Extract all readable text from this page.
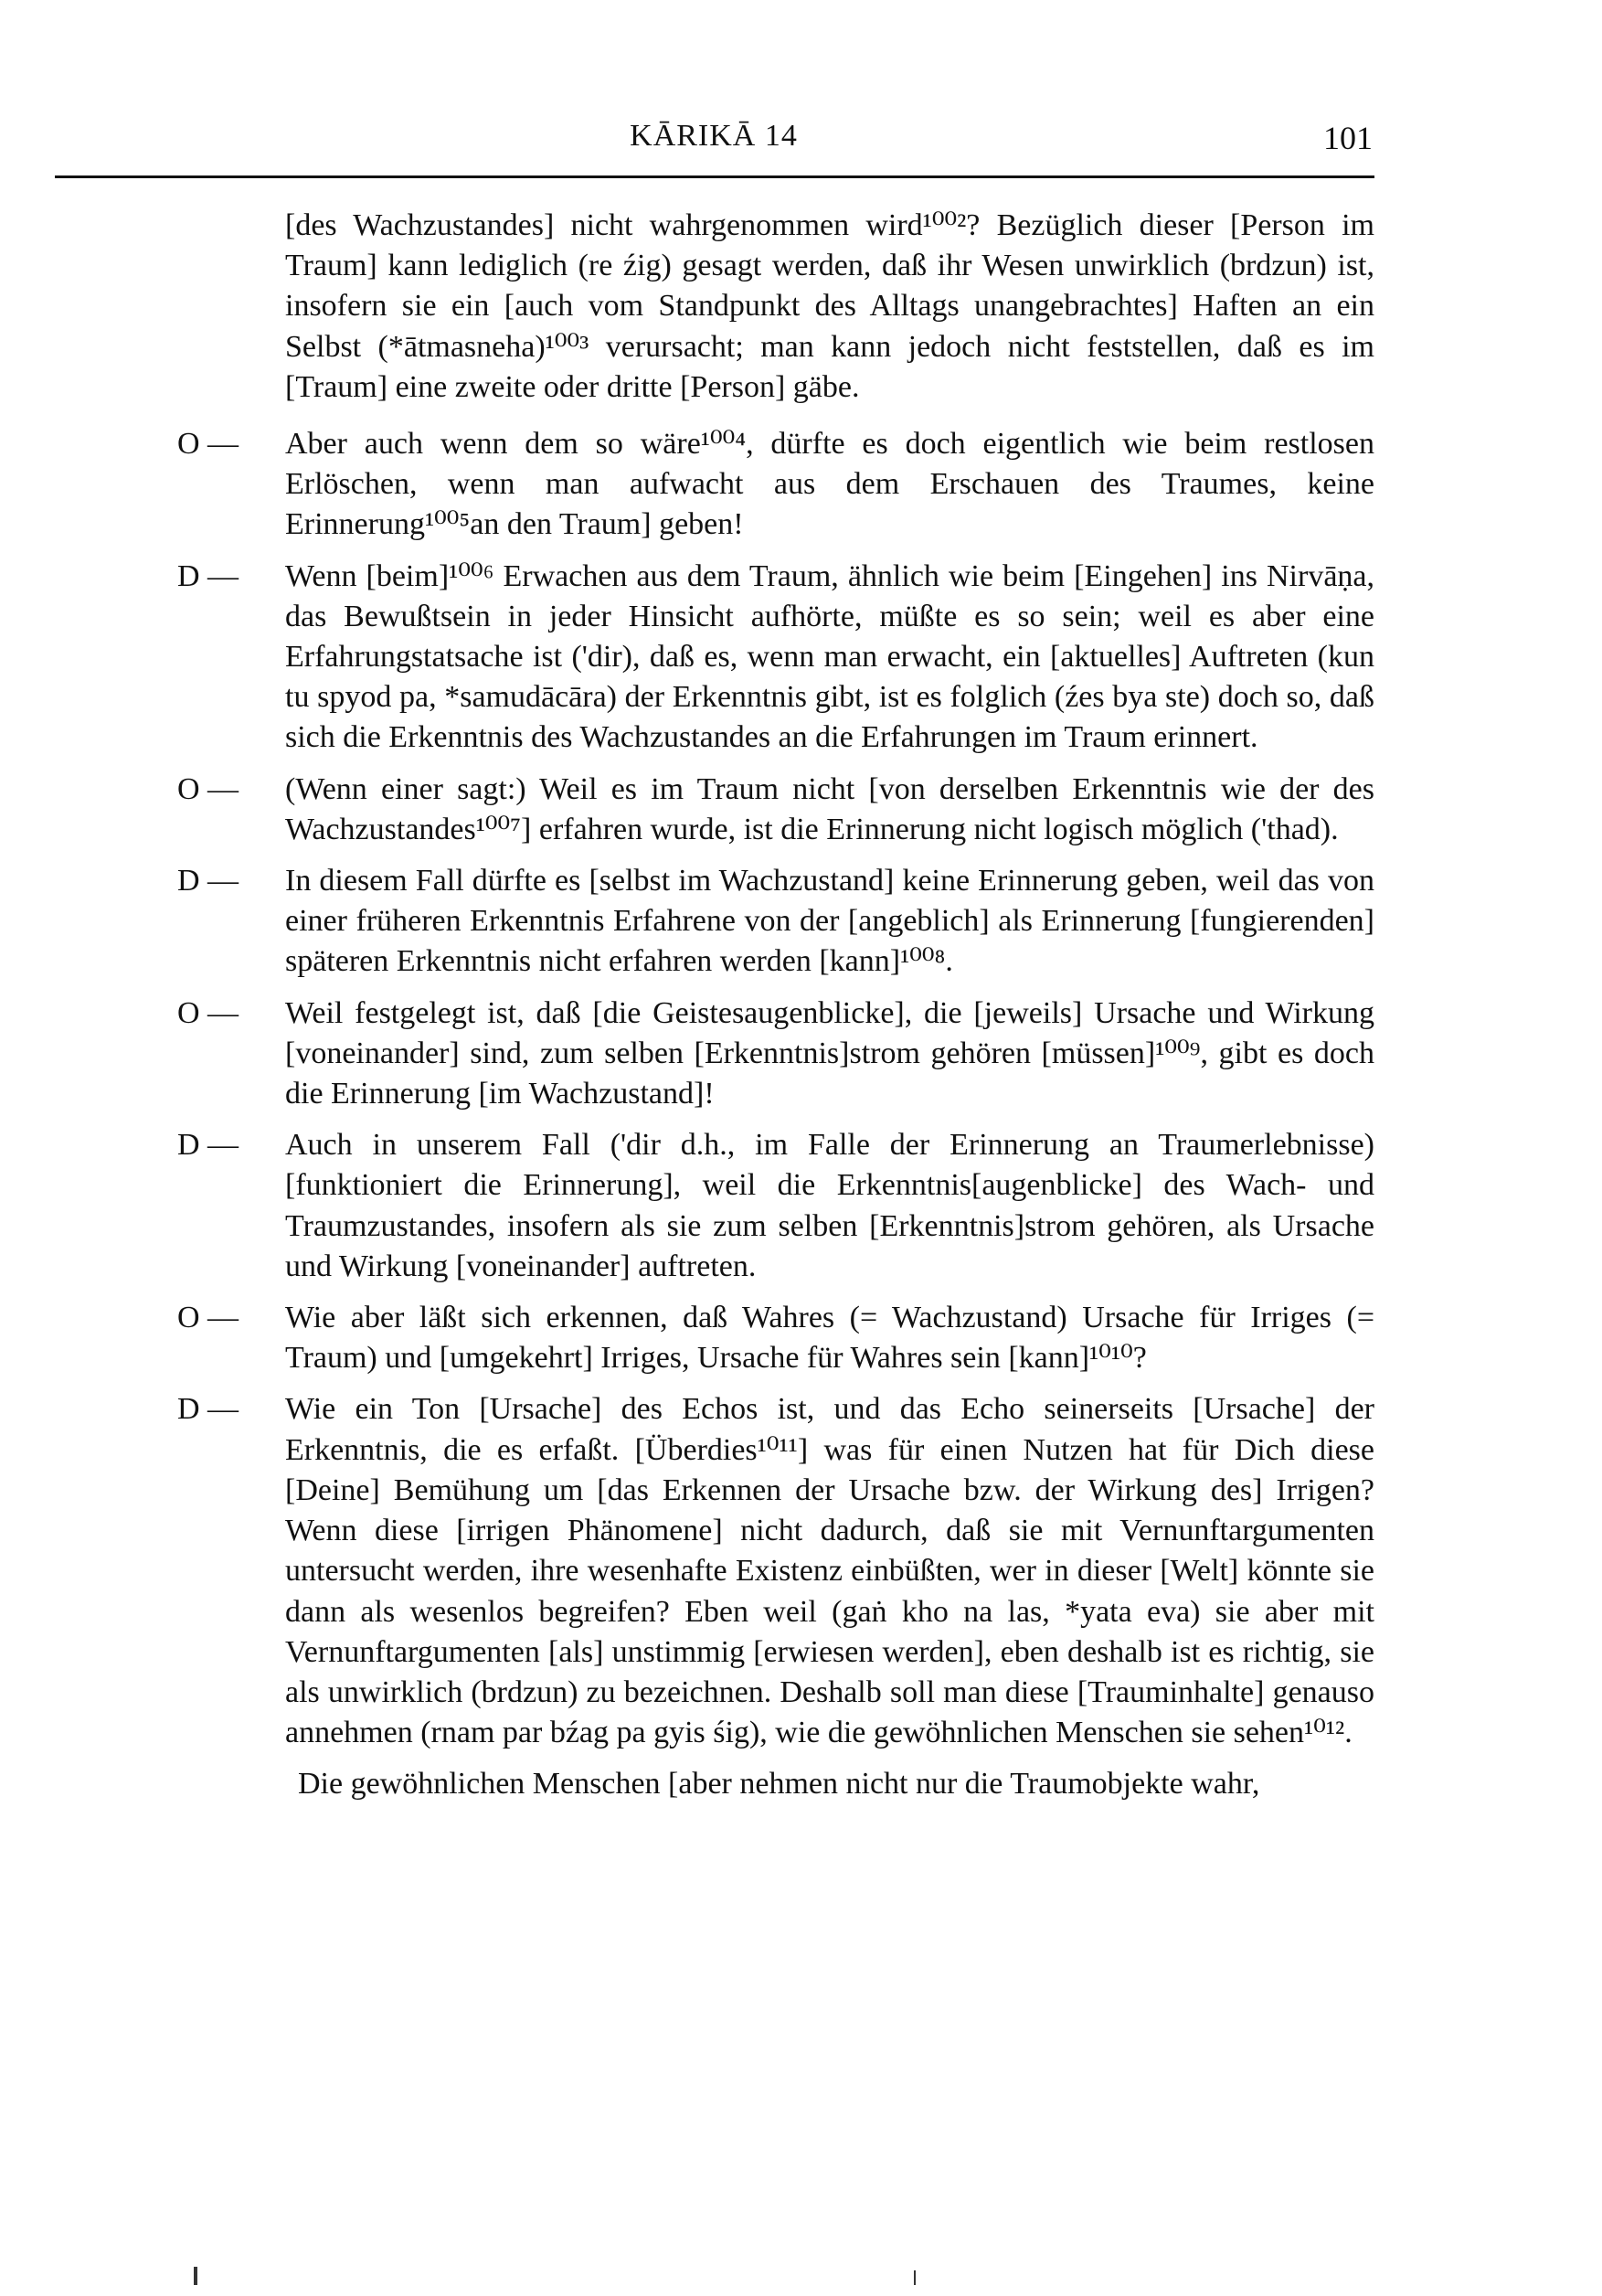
KĀRIKĀ 14	101

[des Wachzustandes] nicht wahrgenommen wird¹⁰⁰²? Bezüglich dieser [Person im Traum] kann lediglich (re źig) gesagt werden, daß ihr Wesen unwirklich (brdzun) ist, insofern sie ein [auch vom Standpunkt des Alltags unangebrachtes] Haften an ein Selbst (*ātmasneha)¹⁰⁰³ verursacht; man kann jedoch nicht feststellen, daß es im [Traum] eine zweite oder dritte [Person] gäbe.

O — Aber auch wenn dem so wäre¹⁰⁰⁴, dürfte es doch eigentlich wie beim restlosen Erlöschen, wenn man aufwacht aus dem Erschauen des Traumes, keine Erinnerung¹⁰⁰⁵an den Traum] geben!

D — Wenn [beim]¹⁰⁰⁶ Erwachen aus dem Traum, ähnlich wie beim [Eingehen] ins Nirvāṇa, das Bewußtsein in jeder Hinsicht aufhörte, müßte es so sein; weil es aber eine Erfahrungstatsache ist ('dir), daß es, wenn man erwacht, ein [aktuelles] Auftreten (kun tu spyod pa, *samudācāra) der Erkenntnis gibt, ist es folglich (źes bya ste) doch so, daß sich die Erkenntnis des Wachzustandes an die Erfahrungen im Traum erinnert.

O — (Wenn einer sagt:) Weil es im Traum nicht [von derselben Erkenntnis wie der des Wachzustandes¹⁰⁰⁷] erfahren wurde, ist die Erinnerung nicht logisch möglich ('thad).

D — In diesem Fall dürfte es [selbst im Wachzustand] keine Erinnerung geben, weil das von einer früheren Erkenntnis Erfahrene von der [angeblich] als Erinnerung [fungierenden] späteren Erkenntnis nicht erfahren werden [kann]¹⁰⁰⁸.

O — Weil festgelegt ist, daß [die Geistesaugenblicke], die [jeweils] Ursache und Wirkung [voneinander] sind, zum selben [Erkenntnis]strom gehören [müssen]¹⁰⁰⁹, gibt es doch die Erinnerung [im Wachzustand]!

D — Auch in unserem Fall ('dir d.h., im Falle der Erinnerung an Traumerlebnisse) [funktioniert die Erinnerung], weil die Erkenntnis[augenblicke] des Wach- und Traumzustandes, insofern als sie zum selben [Erkenntnis]strom gehören, als Ursache und Wirkung [voneinander] auftreten.

O — Wie aber läßt sich erkennen, daß Wahres (= Wachzustand) Ursache für Irriges (= Traum) und [umgekehrt] Irriges, Ursache für Wahres sein [kann]¹⁰¹⁰?

D — Wie ein Ton [Ursache] des Echos ist, und das Echo seinerseits [Ursache] der Erkenntnis, die es erfaßt. [Überdies¹⁰¹¹] was für einen Nutzen hat für Dich diese [Deine] Bemühung um [das Erkennen der Ursache bzw. der Wirkung des] Irrigen? Wenn diese [irrigen Phänomene] nicht dadurch, daß sie mit Vernunftargumenten untersucht werden, ihre wesenhafte Existenz einbüßten, wer in dieser [Welt] könnte sie dann als wesenlos begreifen? Eben weil (gaṅ kho na las, *yata eva) sie aber mit Vernunftargumenten [als] unstimmig [erwiesen werden], eben deshalb ist es richtig, sie als unwirklich (brdzun) zu bezeichnen. Deshalb soll man diese [Trauminhalte] genauso annehmen (rnam par bźag pa gyis śig), wie die gewöhnlichen Menschen sie sehen¹⁰¹².

Die gewöhnlichen Menschen [aber nehmen nicht nur die Traumobjekte wahr,
